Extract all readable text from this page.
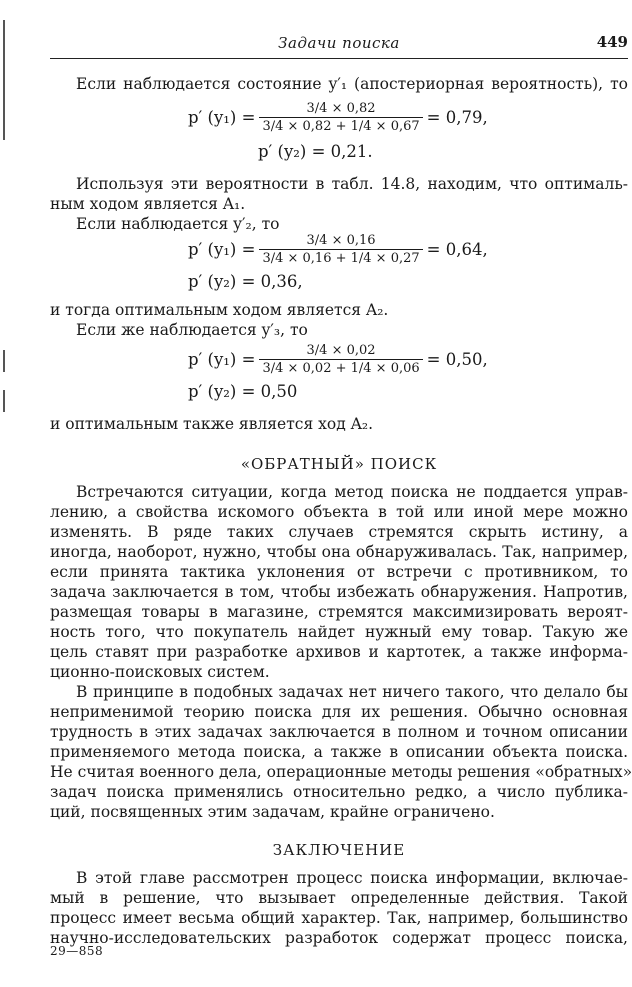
Задачи поиска	449
Если наблюдается состояние y′₁ (апостериорная вероятность), то
p′ $(y_1) = \frac{3/4 \times 0,82}{3/4 \times 0,82 + 1/4 \times 0,67} = 0,79$,
p′ (y₂) = 0,21.
Используя эти вероятности в табл. 14.8, находим, что оптималь-
ным ходом является A₁.
Если наблюдается y′₂, то
p′ $(y_1) = \frac{3/4 \times 0,16}{3/4 \times 0,16 + 1/4 \times 0,27} = 0,64$,
p′ (y₂) = 0,36,
и тогда оптимальным ходом является A₂.
Если же наблюдается y′₃, то
p′ $(y_1) = \frac{3/4 \times 0,02}{3/4 \times 0,02 + 1/4 \times 0,06} = 0,50$,
p′ (y₂) = 0,50
и оптимальным также является ход A₂.
«ОБРАТНЫЙ» ПОИСК
Встречаются ситуации, когда метод поиска не поддается управ-
лению, а свойства искомого объекта в той или иной мере можно
изменять. В ряде таких случаев стремятся скрыть истину, а
иногда, наоборот, нужно, чтобы она обнаруживалась. Так, например,
если принята тактика уклонения от встречи с противником, то
задача заключается в том, чтобы избежать обнаружения. Напротив,
размещая товары в магазине, стремятся максимизировать вероят-
ность того, что покупатель найдет нужный ему товар. Такую же
цель ставят при разработке архивов и картотек, а также информа-
ционно-поисковых систем.
В принципе в подобных задачах нет ничего такого, что делало бы
неприменимой теорию поиска для их решения. Обычно основная
трудность в этих задачах заключается в полном и точном описании
применяемого метода поиска, а также в описании объекта поиска.
Не считая военного дела, операционные методы решения «обратных»
задач поиска применялись относительно редко, а число публика-
ций, посвященных этим задачам, крайне ограничено.
ЗАКЛЮЧЕНИЕ
В этой главе рассмотрен процесс поиска информации, включае-
мый в решение, что вызывает определенные действия. Такой
процесс имеет весьма общий характер. Так, например, большинство
научно-исследовательских разработок содержат процесс поиска,
29—858
